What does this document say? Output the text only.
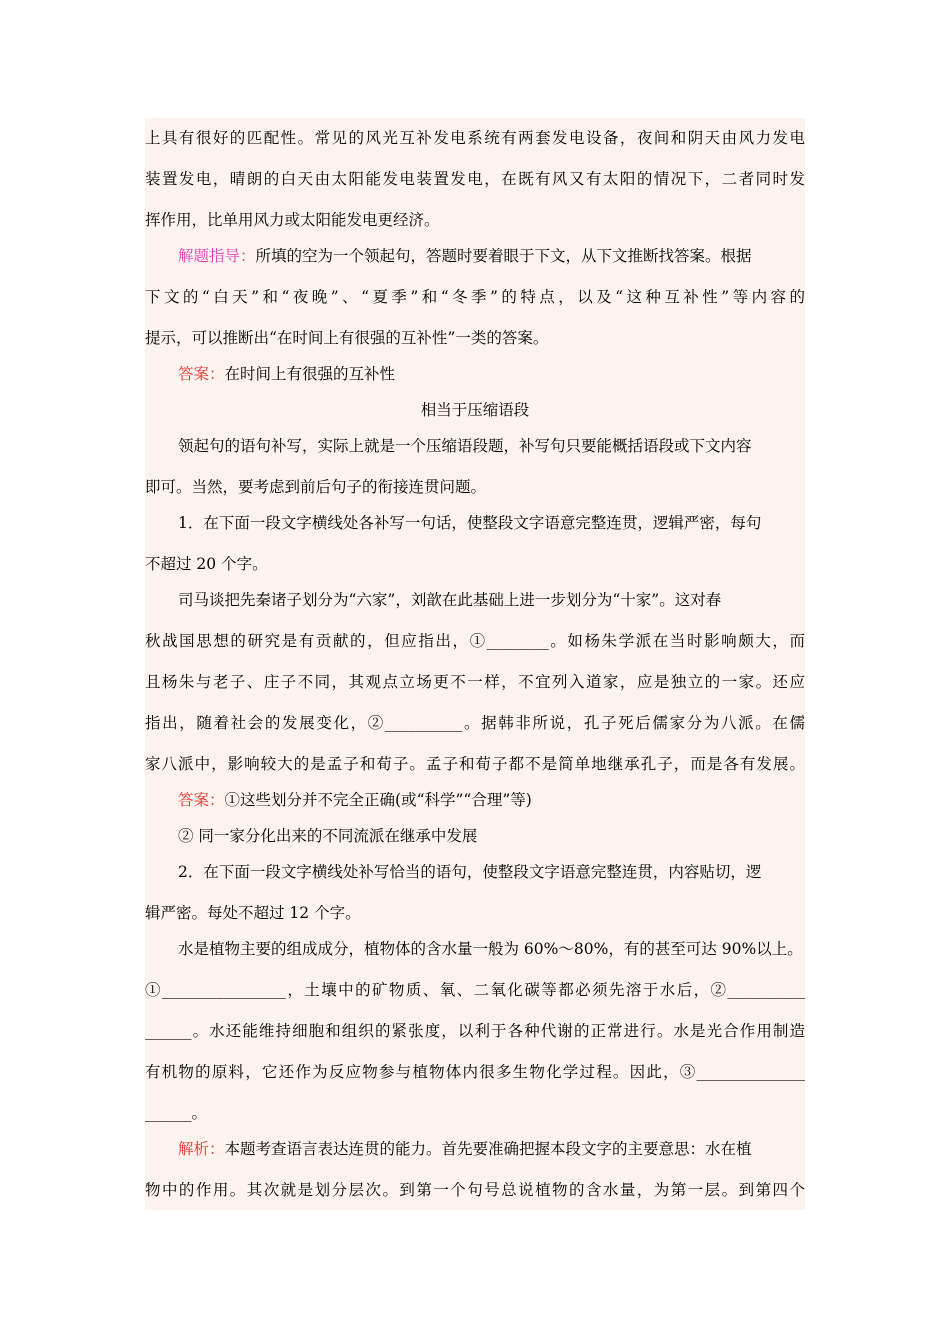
上具有很好的匹配性。常见的风光互补发电系统有两套发电设备，夜间和阴天由风力发电
装置发电，晴朗的白天由太阳能发电装置发电，在既有风又有太阳的情况下，二者同时发
挥作用，比单用风力或太阳能发电更经济。
解题指导：所填的空为一个领起句，答题时要着眼于下文，从下文推断找答案。根据
下文的“白天”和“夜晚”、“夏季”和“冬季”的特点，以及“这种互补性”等内容的
提示，可以推断出“在时间上有很强的互补性”一类的答案。
答案：在时间上有很强的互补性
相当于压缩语段
领起句的语句补写，实际上就是一个压缩语段题，补写句只要能概括语段或下文内容
即可。当然，要考虑到前后句子的衔接连贯问题。
1．在下面一段文字横线处各补写一句话，使整段文字语意完整连贯，逻辑严密，每句
不超过 20 个字。
司马谈把先秦诸子划分为“六家”，刘歆在此基础上进一步划分为“十家”。这对春
秋战国思想的研究是有贡献的，但应指出，①________。如杨朱学派在当时影响颇大，而
且杨朱与老子、庄子不同，其观点立场更不一样，不宜列入道家，应是独立的一家。还应
指出，随着社会的发展变化，②__________。据韩非所说，孔子死后儒家分为八派。在儒
家八派中，影响较大的是孟子和荀子。孟子和荀子都不是简单地继承孔子，而是各有发展。
答案：①这些划分并不完全正确(或“科学”“合理”等)
② 同一家分化出来的不同流派在继承中发展
2．在下面一段文字横线处补写恰当的语句，使整段文字语意完整连贯，内容贴切，逻
辑严密。每处不超过 12 个字。
水是植物主要的组成成分，植物体的含水量一般为 60%～80%，有的甚至可达 90%以上。
①________________，土壤中的矿物质、氧、二氧化碳等都必须先溶于水后，②__________
______。水还能维持细胞和组织的紧张度，以利于各种代谢的正常进行。水是光合作用制造
有机物的原料，它还作为反应物参与植物体内很多生物化学过程。因此，③______________
______。
解析：本题考查语言表达连贯的能力。首先要准确把握本段文字的主要意思：水在植
物中的作用。其次就是划分层次。到第一个句号总说植物的含水量，为第一层。到第四个
